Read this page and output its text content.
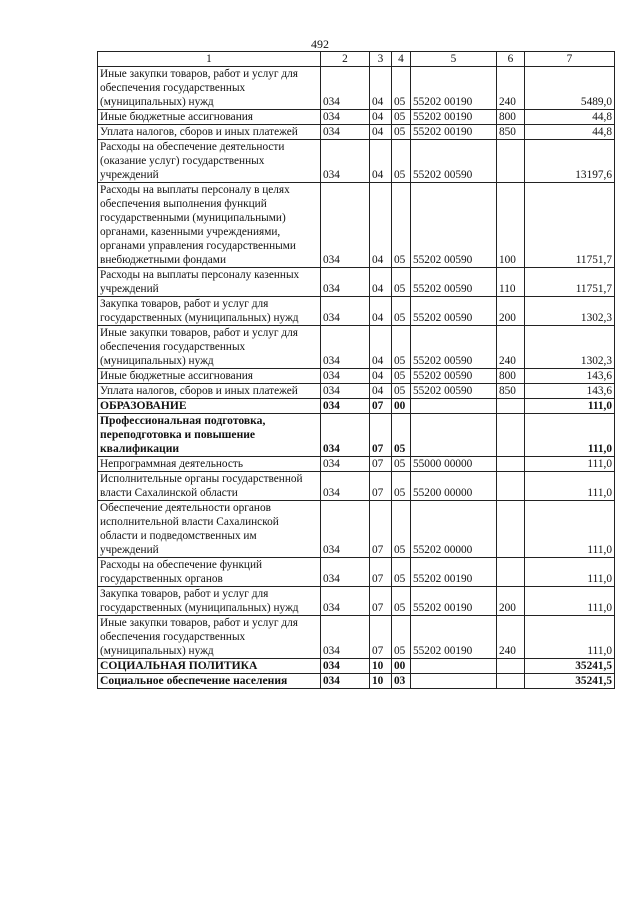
492
1	2	3	4	5	6	7
Иные закупки товаров, работ и услуг для обеспечения государственных (муниципальных) нужд	034	04	05	55202 00190	240	5489,0
Иные бюджетные ассигнования	034	04	05	55202 00190	800	44,8
Уплата налогов, сборов и иных платежей	034	04	05	55202 00190	850	44,8
Расходы на обеспечение деятельности (оказание услуг) государственных учреждений	034	04	05	55202 00590		13197,6
Расходы на выплаты персоналу в целях обеспечения выполнения функций государственными (муниципальными) органами, казенными учреждениями, органами управления государственными внебюджетными фондами	034	04	05	55202 00590	100	11751,7
Расходы на выплаты персоналу казенных учреждений	034	04	05	55202 00590	110	11751,7
Закупка товаров, работ и услуг для государственных (муниципальных) нужд	034	04	05	55202 00590	200	1302,3
Иные закупки товаров, работ и услуг для обеспечения государственных (муниципальных) нужд	034	04	05	55202 00590	240	1302,3
Иные бюджетные ассигнования	034	04	05	55202 00590	800	143,6
Уплата налогов, сборов и иных платежей	034	04	05	55202 00590	850	143,6
ОБРАЗОВАНИЕ	034	07	00			111,0
Профессиональная подготовка, переподготовка и повышение квалификации	034	07	05			111,0
Непрограммная деятельность	034	07	05	55000 00000		111,0
Исполнительные органы государственной власти Сахалинской области	034	07	05	55200 00000		111,0
Обеспечение деятельности органов исполнительной власти Сахалинской области и подведомственных им учреждений	034	07	05	55202 00000		111,0
Расходы на обеспечение функций государственных органов	034	07	05	55202 00190		111,0
Закупка товаров, работ и услуг для государственных (муниципальных) нужд	034	07	05	55202 00190	200	111,0
Иные закупки товаров, работ и услуг для обеспечения государственных (муниципальных) нужд	034	07	05	55202 00190	240	111,0
СОЦИАЛЬНАЯ ПОЛИТИКА	034	10	00			35241,5
Социальное обеспечение населения	034	10	03			35241,5
